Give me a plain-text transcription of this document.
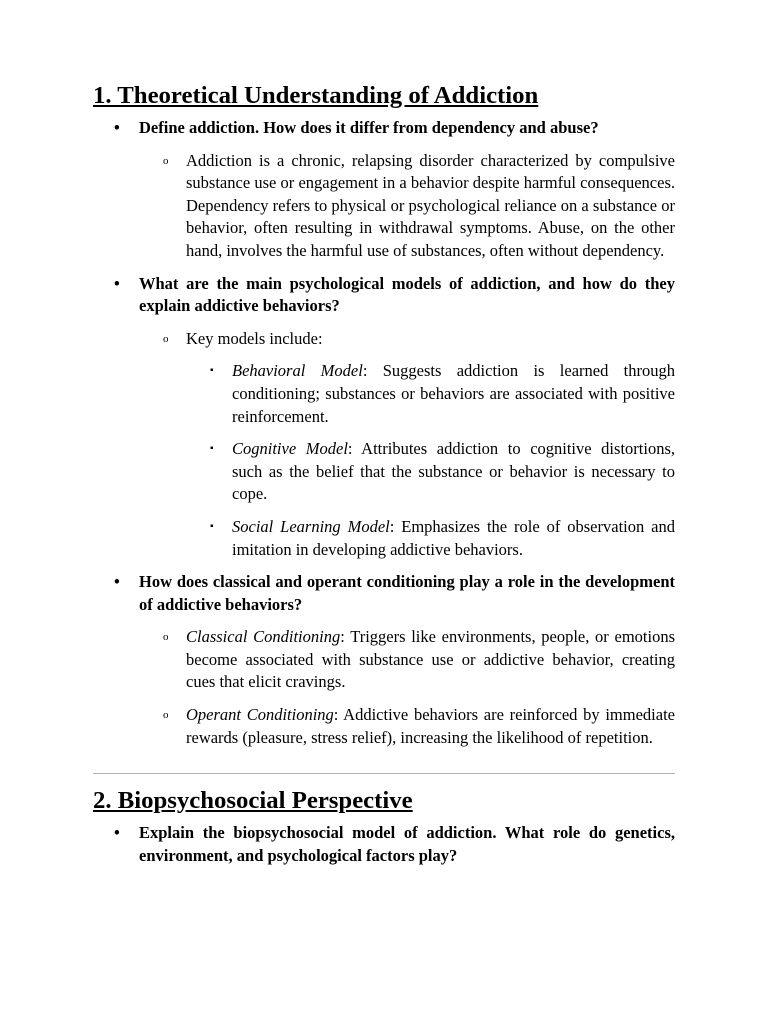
1. Theoretical Understanding of Addiction
• Define addiction. How does it differ from dependency and abuse?
o Addiction is a chronic, relapsing disorder characterized by compulsive substance use or engagement in a behavior despite harmful consequences. Dependency refers to physical or psychological reliance on a substance or behavior, often resulting in withdrawal symptoms. Abuse, on the other hand, involves the harmful use of substances, often without dependency.
• What are the main psychological models of addiction, and how do they explain addictive behaviors?
o Key models include:
▪ Behavioral Model: Suggests addiction is learned through conditioning; substances or behaviors are associated with positive reinforcement.
▪ Cognitive Model: Attributes addiction to cognitive distortions, such as the belief that the substance or behavior is necessary to cope.
▪ Social Learning Model: Emphasizes the role of observation and imitation in developing addictive behaviors.
• How does classical and operant conditioning play a role in the development of addictive behaviors?
o Classical Conditioning: Triggers like environments, people, or emotions become associated with substance use or addictive behavior, creating cues that elicit cravings.
o Operant Conditioning: Addictive behaviors are reinforced by immediate rewards (pleasure, stress relief), increasing the likelihood of repetition.
2. Biopsychosocial Perspective
• Explain the biopsychosocial model of addiction. What role do genetics, environment, and psychological factors play?
